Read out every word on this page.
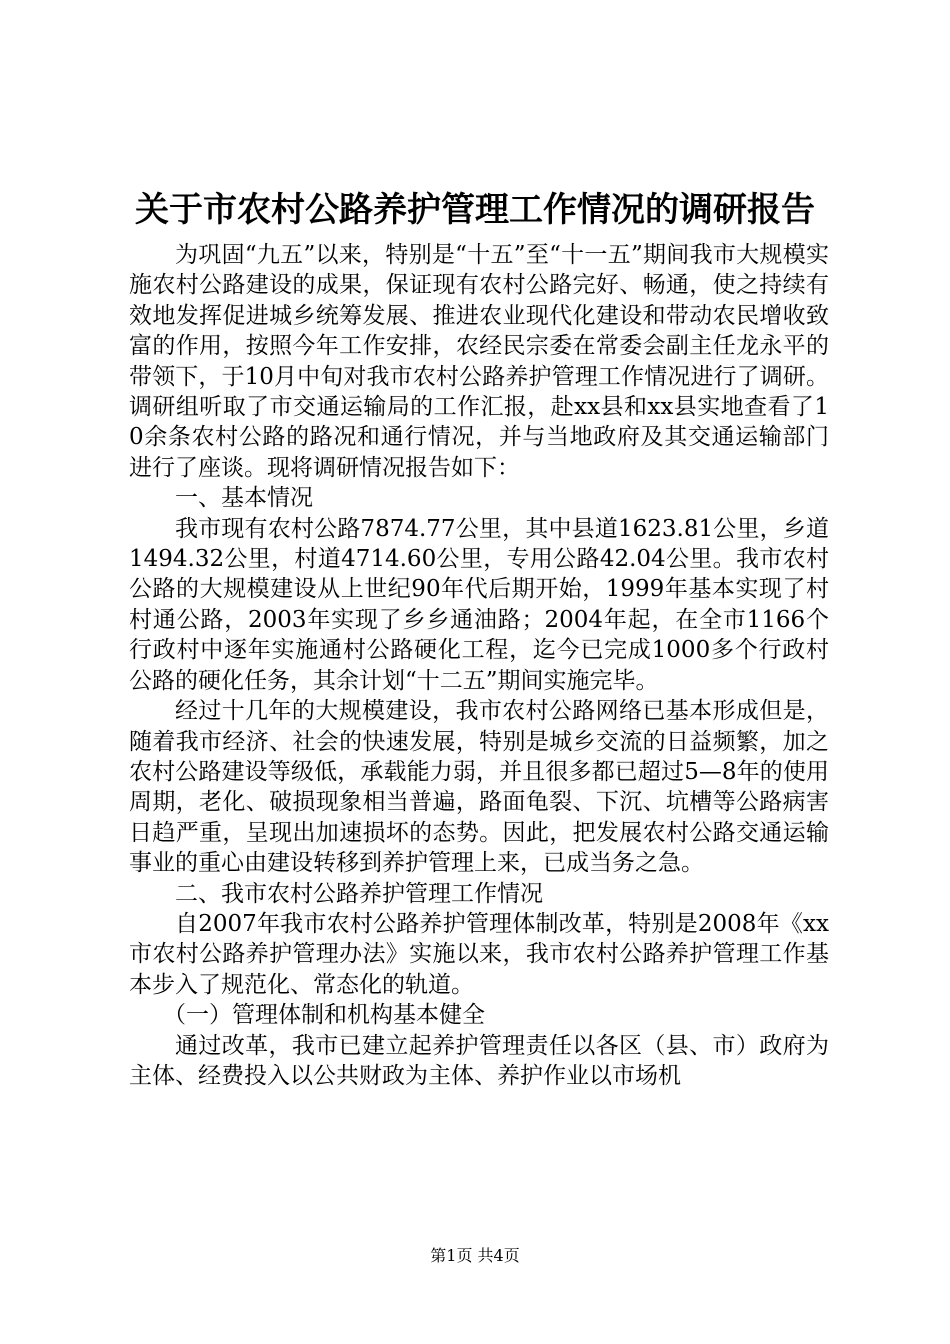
关于市农村公路养护管理工作情况的调研报告

为巩固“九五”以来，特别是“十五”至“十一五”期间我市大规模实施农村公路建设的成果，保证现有农村公路完好、畅通，使之持续有效地发挥促进城乡统筹发展、推进农业现代化建设和带动农民增收致富的作用，按照今年工作安排，农经民宗委在常委会副主任龙永平的带领下，于10月中旬对我市农村公路养护管理工作情况进行了调研。调研组听取了市交通运输局的工作汇报，赴xx县和xx县实地查看了10余条农村公路的路况和通行情况，并与当地政府及其交通运输部门进行了座谈。现将调研情况报告如下：

一、基本情况

我市现有农村公路7874.77公里，其中县道1623.81公里，乡道1494.32公里，村道4714.60公里，专用公路42.04公里。我市农村公路的大规模建设从上世纪90年代后期开始，1999年基本实现了村村通公路，2003年实现了乡乡通油路；2004年起，在全市1166个行政村中逐年实施通村公路硬化工程，迄今已完成1000多个行政村公路的硬化任务，其余计划“十二五”期间实施完毕。

经过十几年的大规模建设，我市农村公路网络已基本形成但是，随着我市经济、社会的快速发展，特别是城乡交流的日益频繁，加之农村公路建设等级低，承载能力弱，并且很多都已超过5—8年的使用周期，老化、破损现象相当普遍，路面龟裂、下沉、坑槽等公路病害日趋严重，呈现出加速损坏的态势。因此，把发展农村公路交通运输事业的重心由建设转移到养护管理上来，已成当务之急。

二、我市农村公路养护管理工作情况

自2007年我市农村公路养护管理体制改革，特别是2008年《xx市农村公路养护管理办法》实施以来，我市农村公路养护管理工作基本步入了规范化、常态化的轨道。

（一）管理体制和机构基本健全

通过改革，我市已建立起养护管理责任以各区（县、市）政府为主体、经费投入以公共财政为主体、养护作业以市场机

第1页 共4页
